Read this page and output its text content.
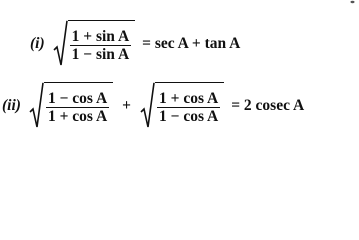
$(i) \frac{\text{1 + sin A}}{\text{1 − sin A}} = \sec A + \tan A$
$(ii) \frac{\text{1 − cos A}}{\text{1 + cos A}} + \frac{\text{1 + cos A}}{\text{1 − cos A}} = 2$ cosec A
